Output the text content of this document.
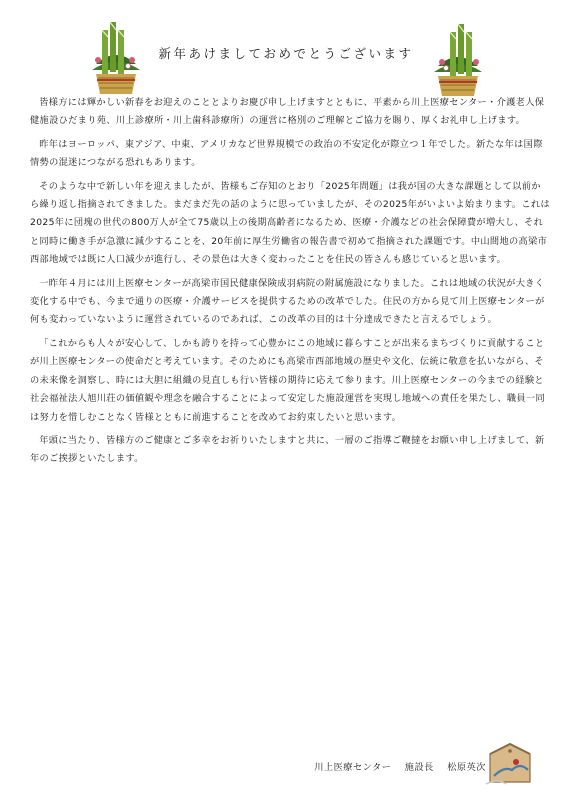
新年あけましておめでとうございます

皆様方には輝かしい新春をお迎えのこととよりお慶び申し上げますとともに、平素から川上医療センター・介護老人保健施設ひだまり苑、川上診療所・川上歯科診療所）の運営に格別のご理解とご協力を賜り、厚くお礼申し上げます。

昨年はヨーロッパ、東アジア、中東、アメリカなど世界規模での政治の不安定化が際立つ１年でした。新たな年は国際情勢の混迷につながる恐れもあります。

そのような中で新しい年を迎えましたが、皆様もご存知のとおり「2025年問題」は我が国の大きな課題として以前から繰り返し指摘されてきました。まだまだ先の話のように思っていましたが、その2025年がいよいよ始まります。これは2025年に団塊の世代の800万人が全て75歳以上の後期高齢者になるため、医療・介護などの社会保障費が増大し、それと同時に働き手が急激に減少することを、20年前に厚生労働省の報告書で初めて指摘された課題です。中山間地の高梁市西部地域では既に人口減少が進行し、その景色は大きく変わったことを住民の皆さんも感じていると思います。

一昨年４月には川上医療センターが高梁市国民健康保険成羽病院の附属施設になりました。これは地域の状況が大きく変化する中でも、今まで通りの医療・介護サービスを提供するための改革でした。住民の方から見て川上医療センターが何も変わっていないように運営されているのであれば、この改革の目的は十分達成できたと言えるでしょう。

「これからも人々が安心して、しかも誇りを持って心豊かにこの地域に暮らすことが出来るまちづくりに貢献することが川上医療センターの使命だと考えています。そのためにも高梁市西部地域の歴史や文化、伝統に敬意を払いながら、その未来像を洞察し、時には大胆に組織の見直しも行い皆様の期待に応えて参ります。川上医療センターの今までの経験と社会福祉法人旭川荘の価値観や理念を融合することによって安定した施設運営を実現し地域への責任を果たし、職員一同は努力を惜しむことなく皆様とともに前進することを改めてお約束したいと思います。

年頭に当たり、皆様方のご健康とご多幸をお祈りいたしますと共に、一層のご指導ご鞭撻をお願い申し上げまして、新年のご挨拶といたします。

川上医療センター 施設長 松原英次
